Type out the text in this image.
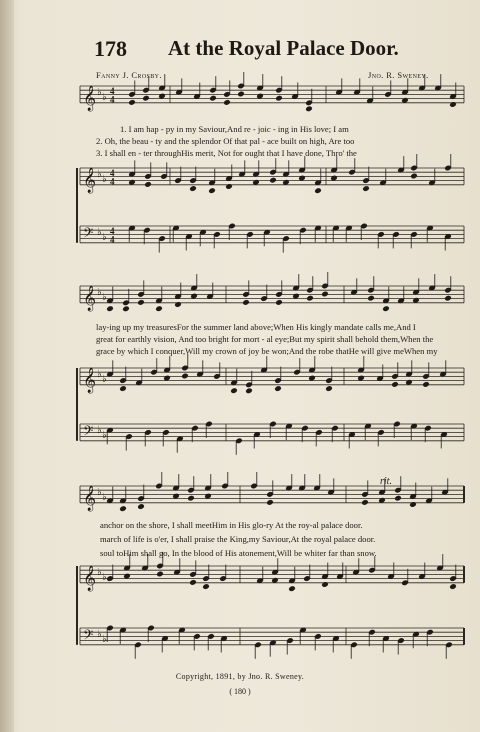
178 At the Royal Palace Door.
Fanny J. Crosby.	Jno. R. Sweney.
𝄞 ♭ ♭
𝄞 ♭ ♭
𝄢 ♭ ♭
𝄞 ♭ ♭
𝄞 ♭ ♭
𝄢 ♭ ♭
𝄞 ♭ ♭
𝄞 ♭ ♭
𝄢 ♭ ♭
4
4
4
4
4
4
1. I am hap - py in my Saviour,And re - joic - ing in His love; I am
2. Oh, the beau - ty and the splendor Of that pal - ace built on high, Are too
3. I shall en - ter throughHis merit, Not for ought that I have done, Thro' the
lay-ing up my treasuresFor the summer land above;When His kingly mandate calls me,And I
great for earthly vision, And too bright for mort - al eye;But my spirit shall behold them,When the
grace by which I conquer,Will my crown of joy be won;And the robe thatHe will give meWhen my
anchor on the shore, I shall meetHim in His glo-ry At the roy-al palace door.
march of life is o'er, I shall praise the King,my Saviour,At the royal palace door.
soul toHim shall go, In the blood of His atonement,Will be whiter far than snow.
rit.
Copyright, 1891, by Jno. R. Sweney.
( 180 )
